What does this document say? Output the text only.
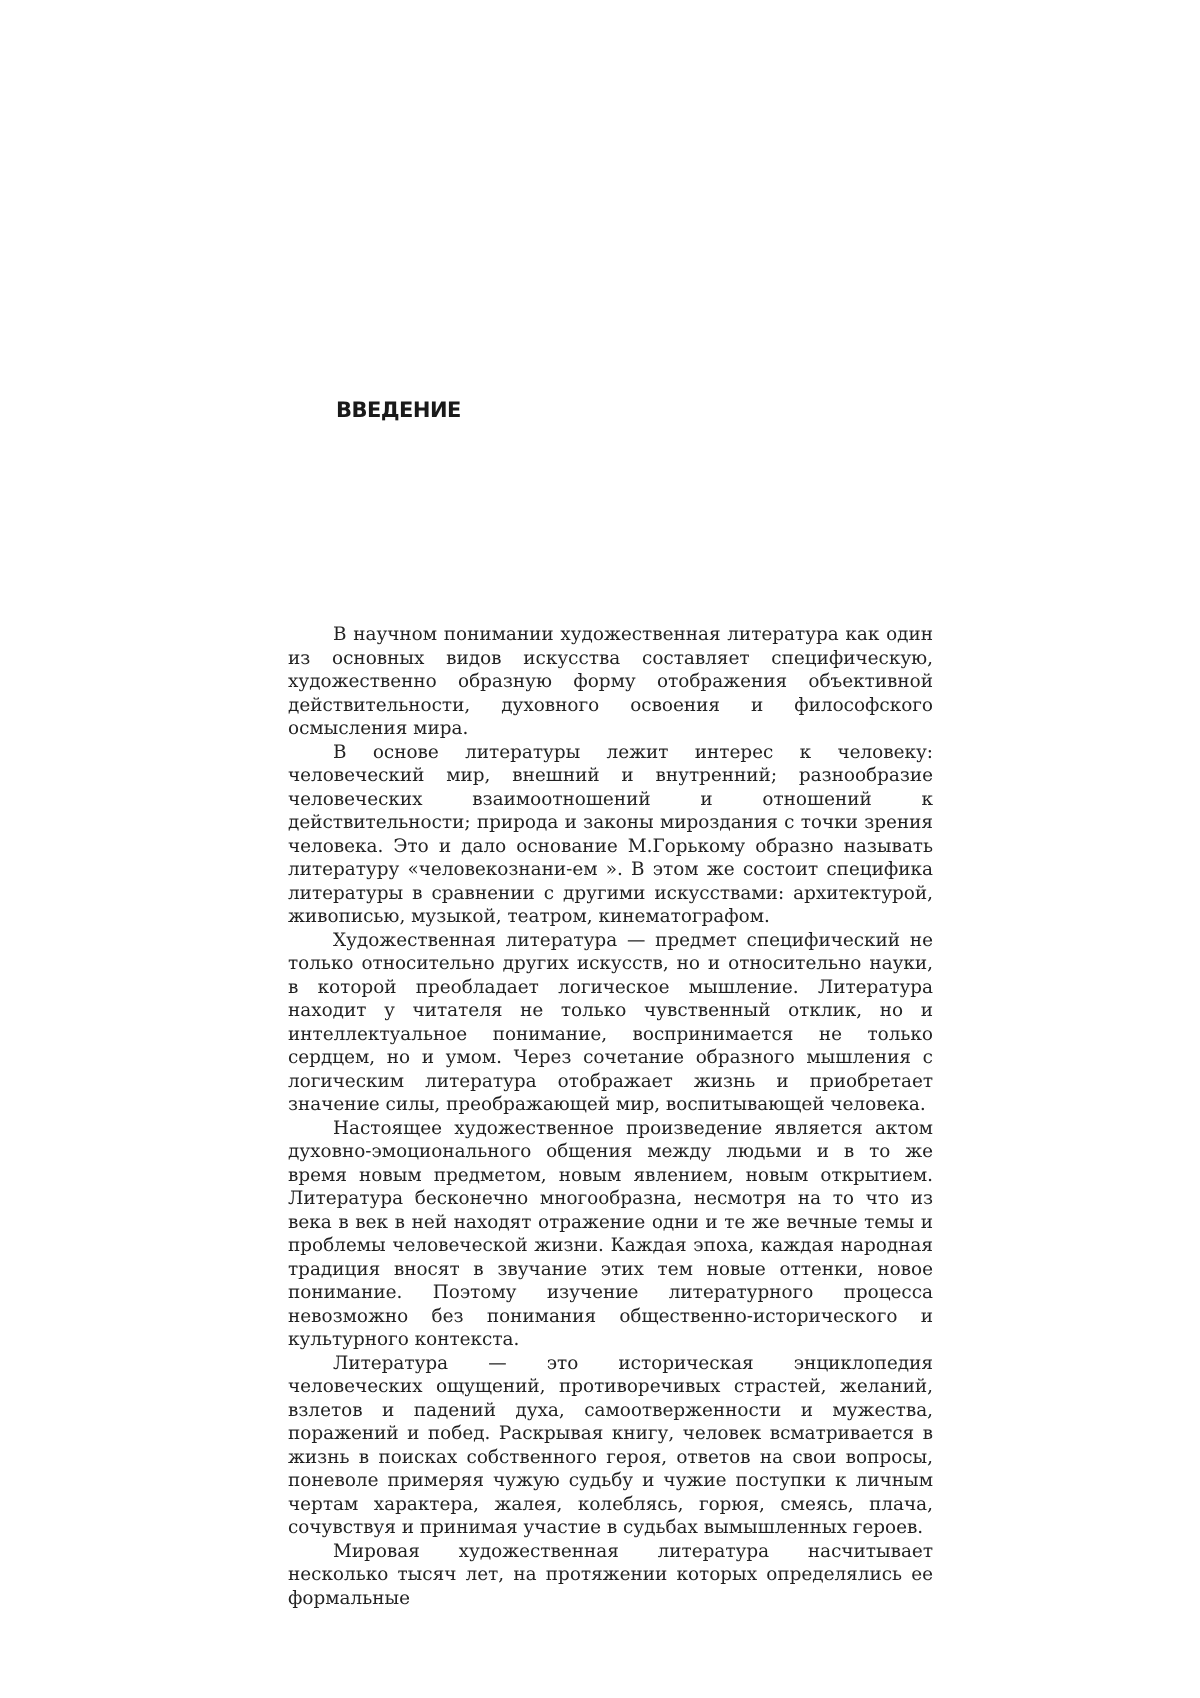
ВВЕДЕНИЕ

В научном понимании художественная литература как один из основных видов искусства составляет специфическую, художественно образную форму отображения объективной действительности, духовного освоения и философского осмысления мира.

В основе литературы лежит интерес к человеку: человеческий мир, внешний и внутренний; разнообразие человеческих взаимоотношений и отношений к действительности; природа и законы мироздания с точки зрения человека. Это и дало основание М.Горькому образно называть литературу «человекознани-ем ». В этом же состоит специфика литературы в сравнении с другими искусствами: архитектурой, живописью, музыкой, театром, кинематографом.

Художественная литература — предмет специфический не только относительно других искусств, но и относительно науки, в которой преобладает логическое мышление. Литература находит у читателя не только чувственный отклик, но и интеллектуальное понимание, воспринимается не только сердцем, но и умом. Через сочетание образного мышления с логическим литература отображает жизнь и приобретает значение силы, преображающей мир, воспитывающей человека.

Настоящее художественное произведение является актом духовно-эмоционального общения между людьми и в то же время новым предметом, новым явлением, новым открытием. Литература бесконечно многообразна, несмотря на то что из века в век в ней находят отражение одни и те же вечные темы и проблемы человеческой жизни. Каждая эпоха, каждая народная традиция вносят в звучание этих тем новые оттенки, новое понимание. Поэтому изучение литературного процесса невозможно без понимания общественно-исторического и культурного контекста.

Литература — это историческая энциклопедия человеческих ощущений, противоречивых страстей, желаний, взлетов и падений духа, самоотверженности и мужества, поражений и побед. Раскрывая книгу, человек всматривается в жизнь в поисках собственного героя, ответов на свои вопросы, поневоле примеряя чужую судьбу и чужие поступки к личным чертам характера, жалея, колеблясь, горюя, смеясь, плача, сочувствуя и принимая участие в судьбах вымышленных героев.

Мировая художественная литература насчитывает несколько тысяч лет, на протяжении которых определялись ее формальные
